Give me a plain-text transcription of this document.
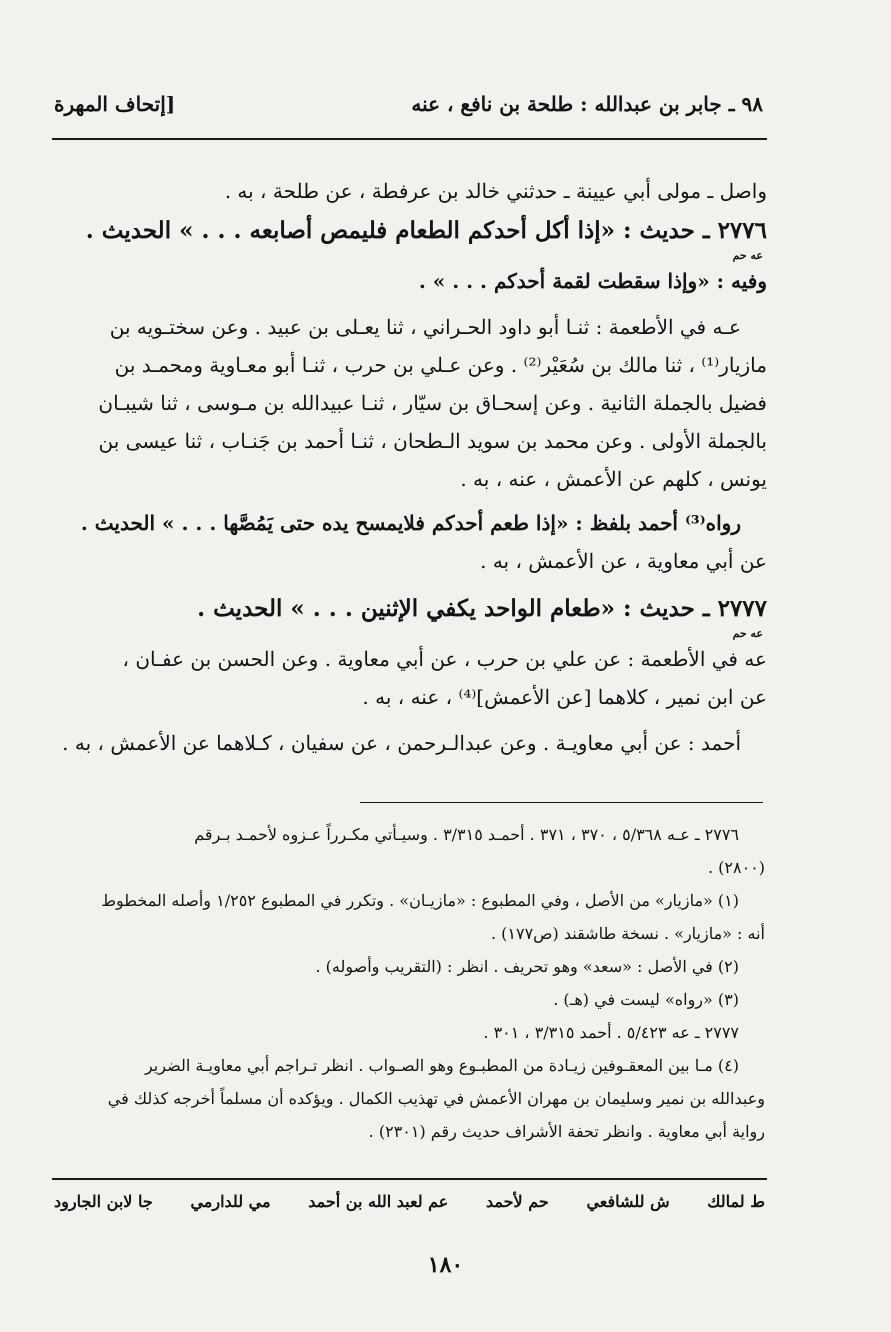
٩٨ ـ جابر بن عبدالله : طلحة بن نافع ، عنه
[إتحاف المهرة
واصل ـ مولى أبي عيينة ـ حدثني خالد بن عرفطة ، عن طلحة ، به .
٢٧٧٦ ـ حديث : «إذا أكل أحدكم الطعام فليمص أصابعه . . . » الحديث .
عه حم
وفيه : «وإذا سقطت لقمة أحدكم . . . » .
عـه في الأطعمة : ثنـا أبو داود الحـراني ، ثنا يعـلى بن عبيد . وعن سختـويه بن
مازيار⁽¹⁾ ، ثنا مالك بن سُعَيْر⁽²⁾ . وعن عـلي بن حرب ، ثنـا أبو معـاوية ومحمـد بن
فضيل بالجملة الثانية . وعن إسحـاق بن سيّار ، ثنـا عبيدالله بن مـوسى ، ثنا شيبـان
بالجملة الأولى . وعن محمد بن سويد الـطحان ، ثنـا أحمد بن جَنـاب ، ثنا عيسى بن
يونس ، كلهم عن الأعمش ، عنه ، به .
رواه⁽³⁾ أحمد بلفظ : «إذا طعم أحدكم فلايمسح يده حتى يَمُصَّها . . . » الحديث .
عن أبي معاوية ، عن الأعمش ، به .
٢٧٧٧ ـ حديث : «طعام الواحد يكفي الإثنين . . . » الحديث .
عه حم
عه في الأطعمة : عن علي بن حرب ، عن أبي معاوية . وعن الحسن بن عفـان ،
عن ابن نمير ، كلاهما [عن الأعمش]⁽⁴⁾ ، عنه ، به .
أحمد : عن أبي معاويـة . وعن عبدالـرحمن ، عن سفيان ، كـلاهما عن الأعمش ، به .
٢٧٧٦ ـ عـه ٥/٣٦٨ ، ٣٧٠ ، ٣٧١ . أحمـد ٣/٣١٥ . وسيـأتي مكـرراً عـزوه لأحمـد بـرقم
(٢٨٠٠) .
(١) «مازيار» من الأصل ، وفي المطبوع : «مازيـان» . وتكرر في المطبوع ١/٢٥٢ وأصله المخطوط
أنه : «مازيار» . نسخة طاشقند (ص١٧٧) .
(٢) في الأصل : «سعد» وهو تحريف . انظر : (التقريب وأصوله) .
(٣) «رواه» ليست في (هـ) .
٢٧٧٧ ـ عه ٥/٤٢٣ . أحمد ٣/٣١٥ ، ٣٠١ .
(٤) مـا بين المعقـوفين زيـادة من المطبـوع وهو الصـواب . انظر تـراجم أبي معاويـة الضرير
وعبدالله بن نمير وسليمان بن مهران الأعمش في تهذيب الكمال . ويؤكده أن مسلماً أخرجه كذلك في
رواية أبي معاوية . وانظر تحفة الأشراف حديث رقم (٢٣٠١) .
ط لمالك
ش للشافعي
حم لأحمد
عم لعبد الله بن أحمد
مي للدارمي
جا لابن الجارود
١٨٠
